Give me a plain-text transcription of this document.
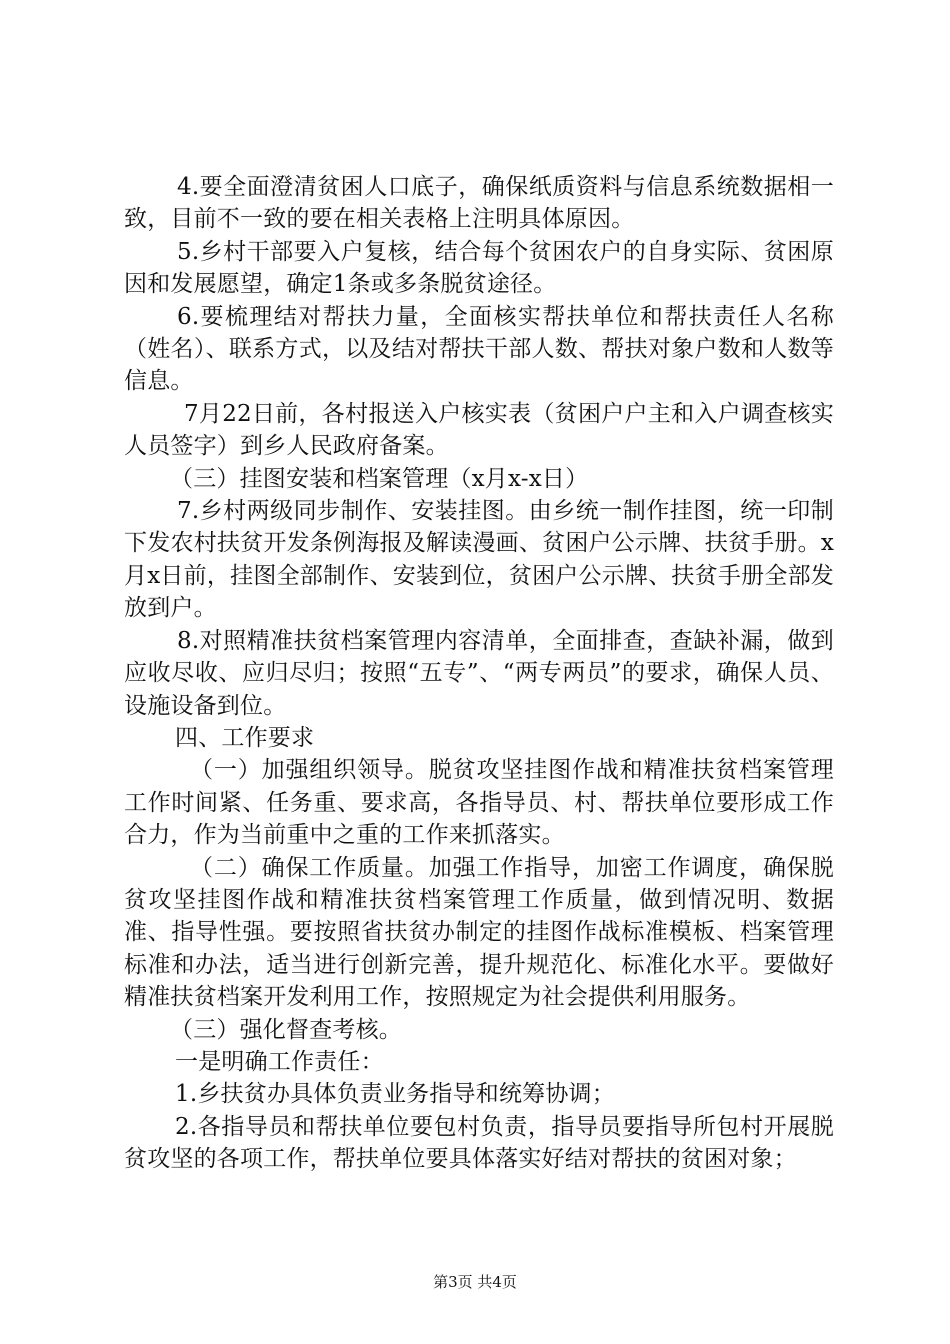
4.要全面澄清贫困人口底子，确保纸质资料与信息系统数据相一致，目前不一致的要在相关表格上注明具体原因。

5.乡村干部要入户复核，结合每个贫困农户的自身实际、贫困原因和发展愿望，确定1条或多条脱贫途径。

6.要梳理结对帮扶力量，全面核实帮扶单位和帮扶责任人名称（姓名）、联系方式，以及结对帮扶干部人数、帮扶对象户数和人数等信息。

7月22日前，各村报送入户核实表（贫困户户主和入户调查核实人员签字）到乡人民政府备案。

（三）挂图安装和档案管理（x月x-x日）

7.乡村两级同步制作、安装挂图。由乡统一制作挂图，统一印制下发农村扶贫开发条例海报及解读漫画、贫困户公示牌、扶贫手册。x月x日前，挂图全部制作、安装到位，贫困户公示牌、扶贫手册全部发放到户。

8.对照精准扶贫档案管理内容清单，全面排查，查缺补漏，做到应收尽收、应归尽归；按照“五专”、“两专两员”的要求，确保人员、设施设备到位。

四、工作要求

（一）加强组织领导。脱贫攻坚挂图作战和精准扶贫档案管理工作时间紧、任务重、要求高，各指导员、村、帮扶单位要形成工作合力，作为当前重中之重的工作来抓落实。

（二）确保工作质量。加强工作指导，加密工作调度，确保脱贫攻坚挂图作战和精准扶贫档案管理工作质量，做到情况明、数据准、指导性强。要按照省扶贫办制定的挂图作战标准模板、档案管理标准和办法，适当进行创新完善，提升规范化、标准化水平。要做好精准扶贫档案开发利用工作，按照规定为社会提供利用服务。

（三）强化督查考核。

一是明确工作责任：

1.乡扶贫办具体负责业务指导和统筹协调；

2.各指导员和帮扶单位要包村负责，指导员要指导所包村开展脱贫攻坚的各项工作，帮扶单位要具体落实好结对帮扶的贫困对象；

第3页 共4页
